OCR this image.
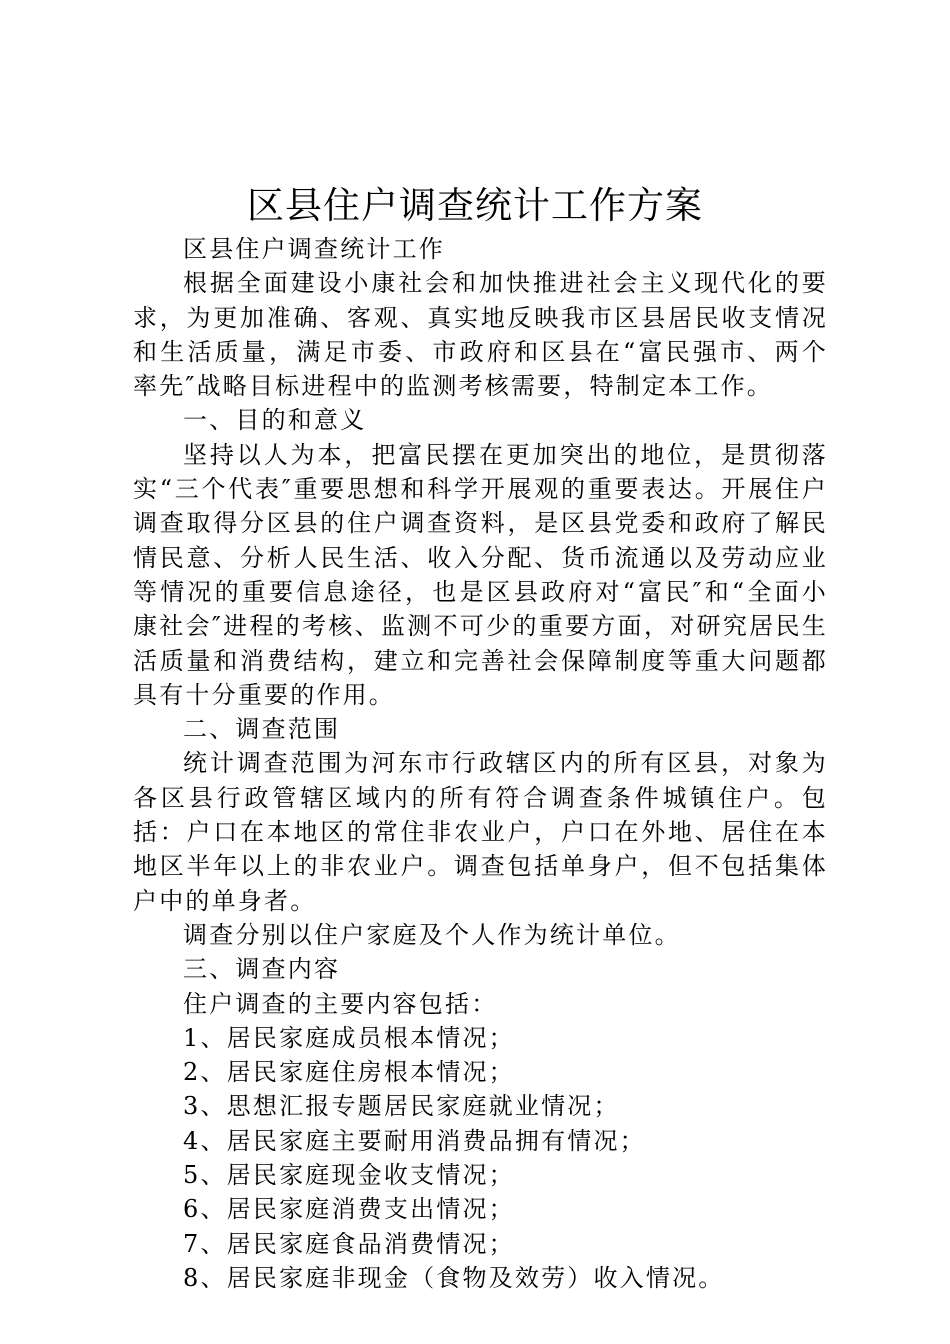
区县住户调查统计工作方案

区县住户调查统计工作

根据全面建设小康社会和加快推进社会主义现代化的要求，为更加准确、客观、真实地反映我市区县居民收支情况和生活质量，满足市委、市政府和区县在“富民强市、两个率先″战略目标进程中的监测考核需要，特制定本工作。

一、目的和意义

坚持以人为本，把富民摆在更加突出的地位，是贯彻落实“三个代表″重要思想和科学开展观的重要表达。开展住户调查取得分区县的住户调查资料，是区县党委和政府了解民情民意、分析人民生活、收入分配、货币流通以及劳动应业等情况的重要信息途径，也是区县政府对“富民″和“全面小康社会″进程的考核、监测不可少的重要方面，对研究居民生活质量和消费结构，建立和完善社会保障制度等重大问题都具有十分重要的作用。

二、调查范围

统计调查范围为河东市行政辖区内的所有区县，对象为各区县行政管辖区域内的所有符合调查条件城镇住户。包括：户口在本地区的常住非农业户，户口在外地、居住在本地区半年以上的非农业户。调查包括单身户，但不包括集体户中的单身者。

调查分别以住户家庭及个人作为统计单位。

三、调查内容

住户调查的主要内容包括：

1、居民家庭成员根本情况；

2、居民家庭住房根本情况；

3、思想汇报专题居民家庭就业情况；

4、居民家庭主要耐用消费品拥有情况；

5、居民家庭现金收支情况；

6、居民家庭消费支出情况；

7、居民家庭食品消费情况；

8、居民家庭非现金（食物及效劳）收入情况。
